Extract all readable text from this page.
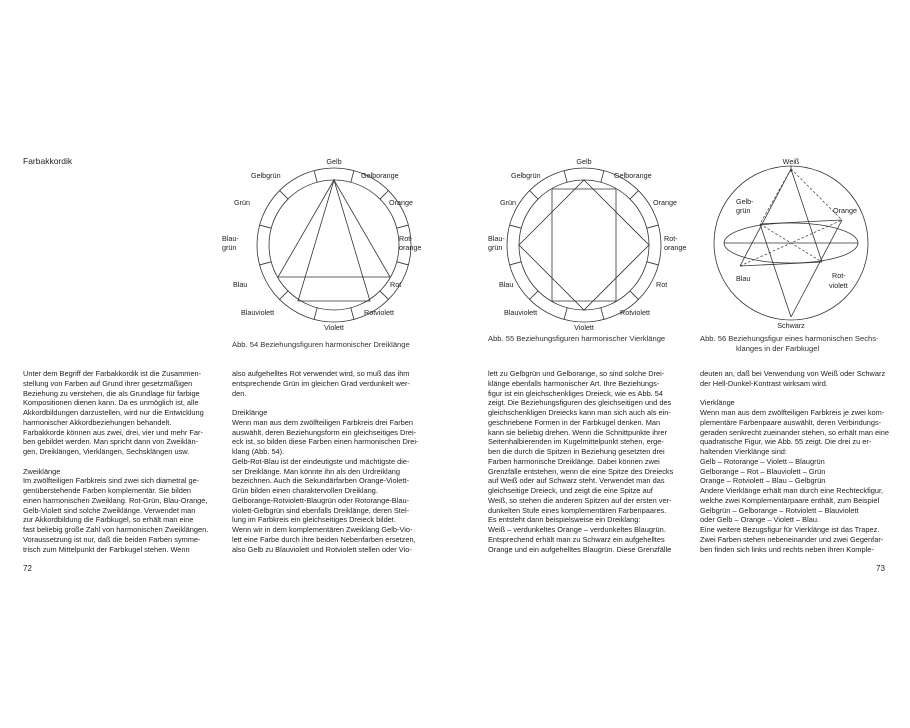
Farbakkordik	Gelb
Gelbgrün	Gelborange
Grün	Orange
Blau-
grün
Rot-
orange
Blau	Rot
Blauviolett	Rotviolett
Violett
Abb. 54 Beziehungsfiguren harmonischer Dreiklänge

Unter dem Begriff der Farbakkordik ist die Zusammen-

stellung von Farben auf Grund ihrer gesetzmäßigen

Beziehung zu verstehen, die als Grundlage für farbige

Kompositionen dienen kann. Da es unmöglich ist, alle

Akkordbildungen darzustellen, wird nur die Entwicklung

harmonischer Akkordbeziehungen behandelt.

Farbakkorde können aus zwei, drei, vier und mehr Far-

ben gebildet werden. Man spricht dann von Zweiklän-

gen, Dreiklängen, Vierklängen, Sechsklängen usw.

Zweiklänge

Im zwölfteiligen Farbkreis sind zwei sich diametral ge-

genüberstehende Farben komplementär. Sie bilden

einen harmonischen Zweiklang. Rot-Grün, Blau-Orange,

Gelb-Violett sind solche Zweiklänge. Verwendet man

zur Akkordbildung die Farbkugel, so erhält man eine

fast beliebig große Zahl von harmonischen Zweiklängen.

Voraussetzung ist nur, daß die beiden Farben symme-

trisch zum Mittelpunkt der Farbkugel stehen. Wenn

also aufgehelltes Rot verwendet wird, so muß das ihm

entsprechende Grün im gleichen Grad verdunkelt wer-

den.

Dreiklänge

Wenn man aus dem zwölfteiligen Farbkreis drei Farben

auswählt, deren Beziehungsform ein gleichseitiges Drei-

eck ist, so bilden diese Farben einen harmonischen Drei-

klang (Abb. 54).

Gelb-Rot-Blau ist der eindeutigste und mächtigste die-

ser Dreiklänge. Man könnte ihn als den Urdreiklang

bezeichnen. Auch die Sekundärfarben Orange-Violett-

Grün bilden einen charaktervollen Dreiklang.

Gelborange-Rotviolett-Blaugrün oder Rotorange-Blau-

violett-Gelbgrün sind ebenfalls Dreiklänge, deren Stel-

lung im Farbkreis ein gleichseitiges Dreieck bildet.

Wenn wir in dem komplementären Zweiklang Gelb-Vio-

lett eine Farbe durch ihre beiden Nebenfarben ersetzen,

also Gelb zu Blauviolett und Rotviolett stellen oder Vio-

72
Gelb
Gelbgrün	Gelborange
Grün	Orange
Blau-
grün
Rot-
orange
Blau	Rot
Blauviolett	Rotviolett
Violett
Abb. 55 Beziehungsfiguren harmonischer Vierklänge
Weiß
Gelb-
grün	Orange
Blau	Rot-
violett
Schwarz
Abb. 56 Beziehungsfigur eines harmonischen Sechs-
klanges in der Farbkugel

lett zu Gelbgrün und Gelborange, so sind solche Drei-

klänge ebenfalls harmonischer Art. Ihre Beziehungs-

figur ist ein gleichschenkliges Dreieck, wie es Abb. 54

zeigt. Die Beziehungsfiguren des gleichseitigen und des

gleichschenkligen Dreiecks kann man sich auch als ein-

geschriebene Formen in der Farbkugel denken. Man

kann sie beliebig drehen. Wenn die Schnittpunkte ihrer

Seitenhalbierenden im Kugelmittelpunkt stehen, erge-

ben die durch die Spitzen in Beziehung gesetzten drei

Farben harmonische Dreiklänge. Dabei können zwei

Grenzfälle entstehen, wenn die eine Spitze des Dreiecks

auf Weiß oder auf Schwarz steht. Verwendet man das

gleichseitige Dreieck, und zeigt die eine Spitze auf

Weiß, so stehen die anderen Spitzen auf der ersten ver-

dunkelten Stufe eines komplementären Farbenpaares.

Es entsteht dann beispielsweise ein Dreiklang:

Weiß – verdunkeltes Orange – verdunkeltes Blaugrün.

Entsprechend erhält man zu Schwarz ein aufgehelltes

Orange und ein aufgehelltes Blaugrün. Diese Grenzfälle

deuten an, daß bei Verwendung von Weiß oder Schwarz

der Hell-Dunkel-Kontrast wirksam wird.

Vierklänge

Wenn man aus dem zwölfteiligen Farbkreis je zwei kom-

plementäre Farbenpaare auswählt, deren Verbindungs-

geraden senkrecht zueinander stehen, so erhält man eine

quadratische Figur, wie Abb. 55 zeigt. Die drei zu er-

haltenden Vierklänge sind:

Gelb – Rotorange – Violett – Blaugrün

Gelborange – Rot – Blauviolett – Grün

Orange – Rotviolett – Blau – Gelbgrün

Andere Vierklänge erhält man durch eine Rechteckfigur,

welche zwei Komplementärpaare enthält, zum Beispiel

Gelbgrün – Gelborange – Rotviolett – Blauviolett

oder Gelb – Orange – Violett – Blau.

Eine weitere Bezugsfigur für Vierklänge ist das Trapez.

Zwei Farben stehen nebeneinander und zwei Gegenfar-

ben finden sich links und rechts neben ihren Komple-

73
